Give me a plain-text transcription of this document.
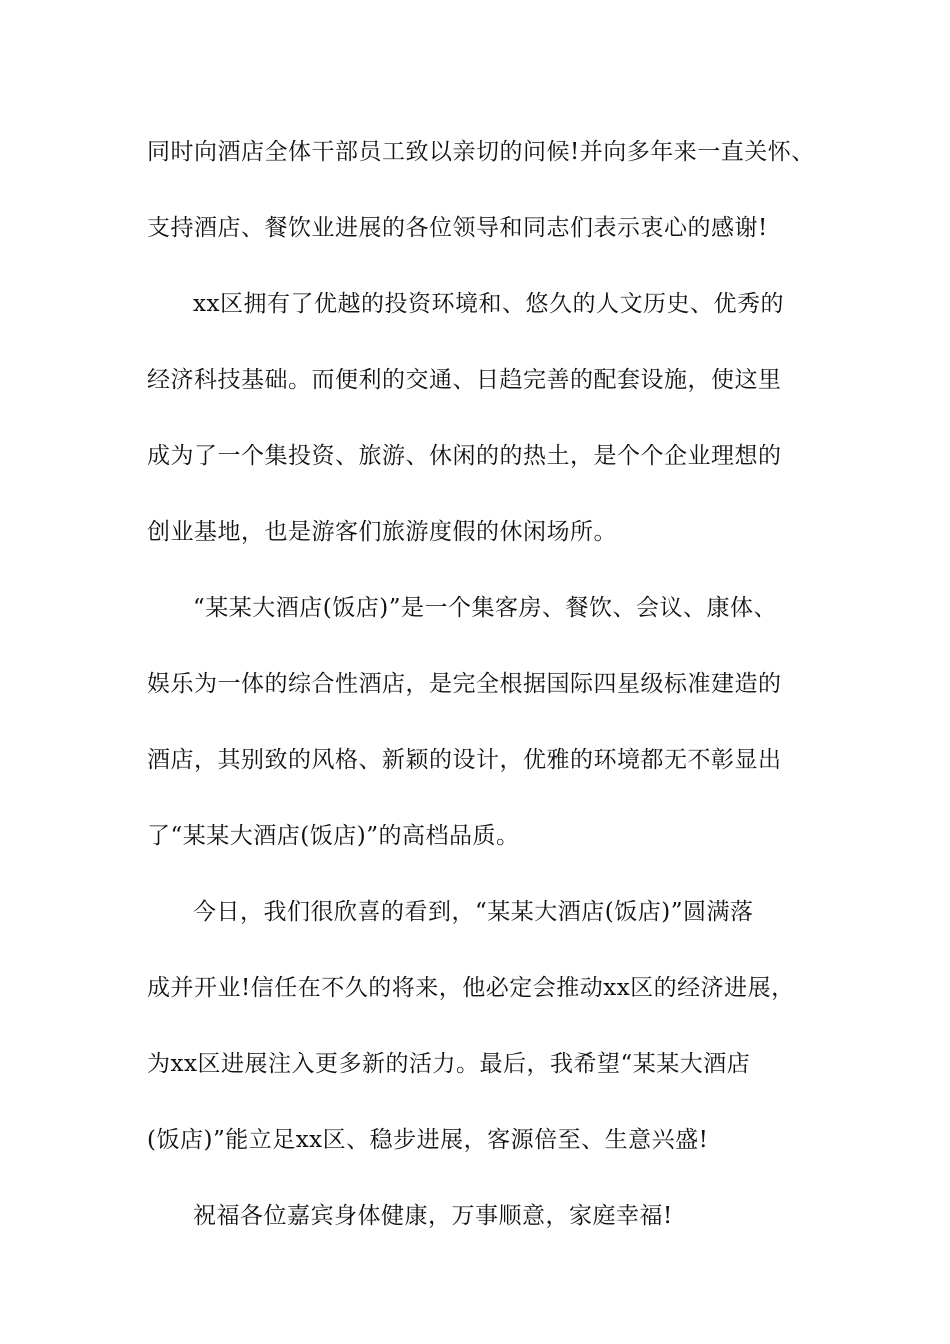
同时向酒店全体干部员工致以亲切的问候!并向多年来一直关怀、
支持酒店、餐饮业进展的各位领导和同志们表示衷心的感谢!
xx区拥有了优越的投资环境和、悠久的人文历史、优秀的
经济科技基础。而便利的交通、日趋完善的配套设施，使这里
成为了一个集投资、旅游、休闲的的热土，是个个企业理想的
创业基地，也是游客们旅游度假的休闲场所。
“某某大酒店(饭店)”是一个集客房、餐饮、会议、康体、
娱乐为一体的综合性酒店，是完全根据国际四星级标准建造的
酒店，其别致的风格、新颖的设计，优雅的环境都无不彰显出
了“某某大酒店(饭店)”的高档品质。
今日，我们很欣喜的看到，“某某大酒店(饭店)”圆满落
成并开业!信任在不久的将来，他必定会推动xx区的经济进展，
为xx区进展注入更多新的活力。最后，我希望“某某大酒店
(饭店)”能立足xx区、稳步进展，客源倍至、生意兴盛!
祝福各位嘉宾身体健康，万事顺意，家庭幸福!
